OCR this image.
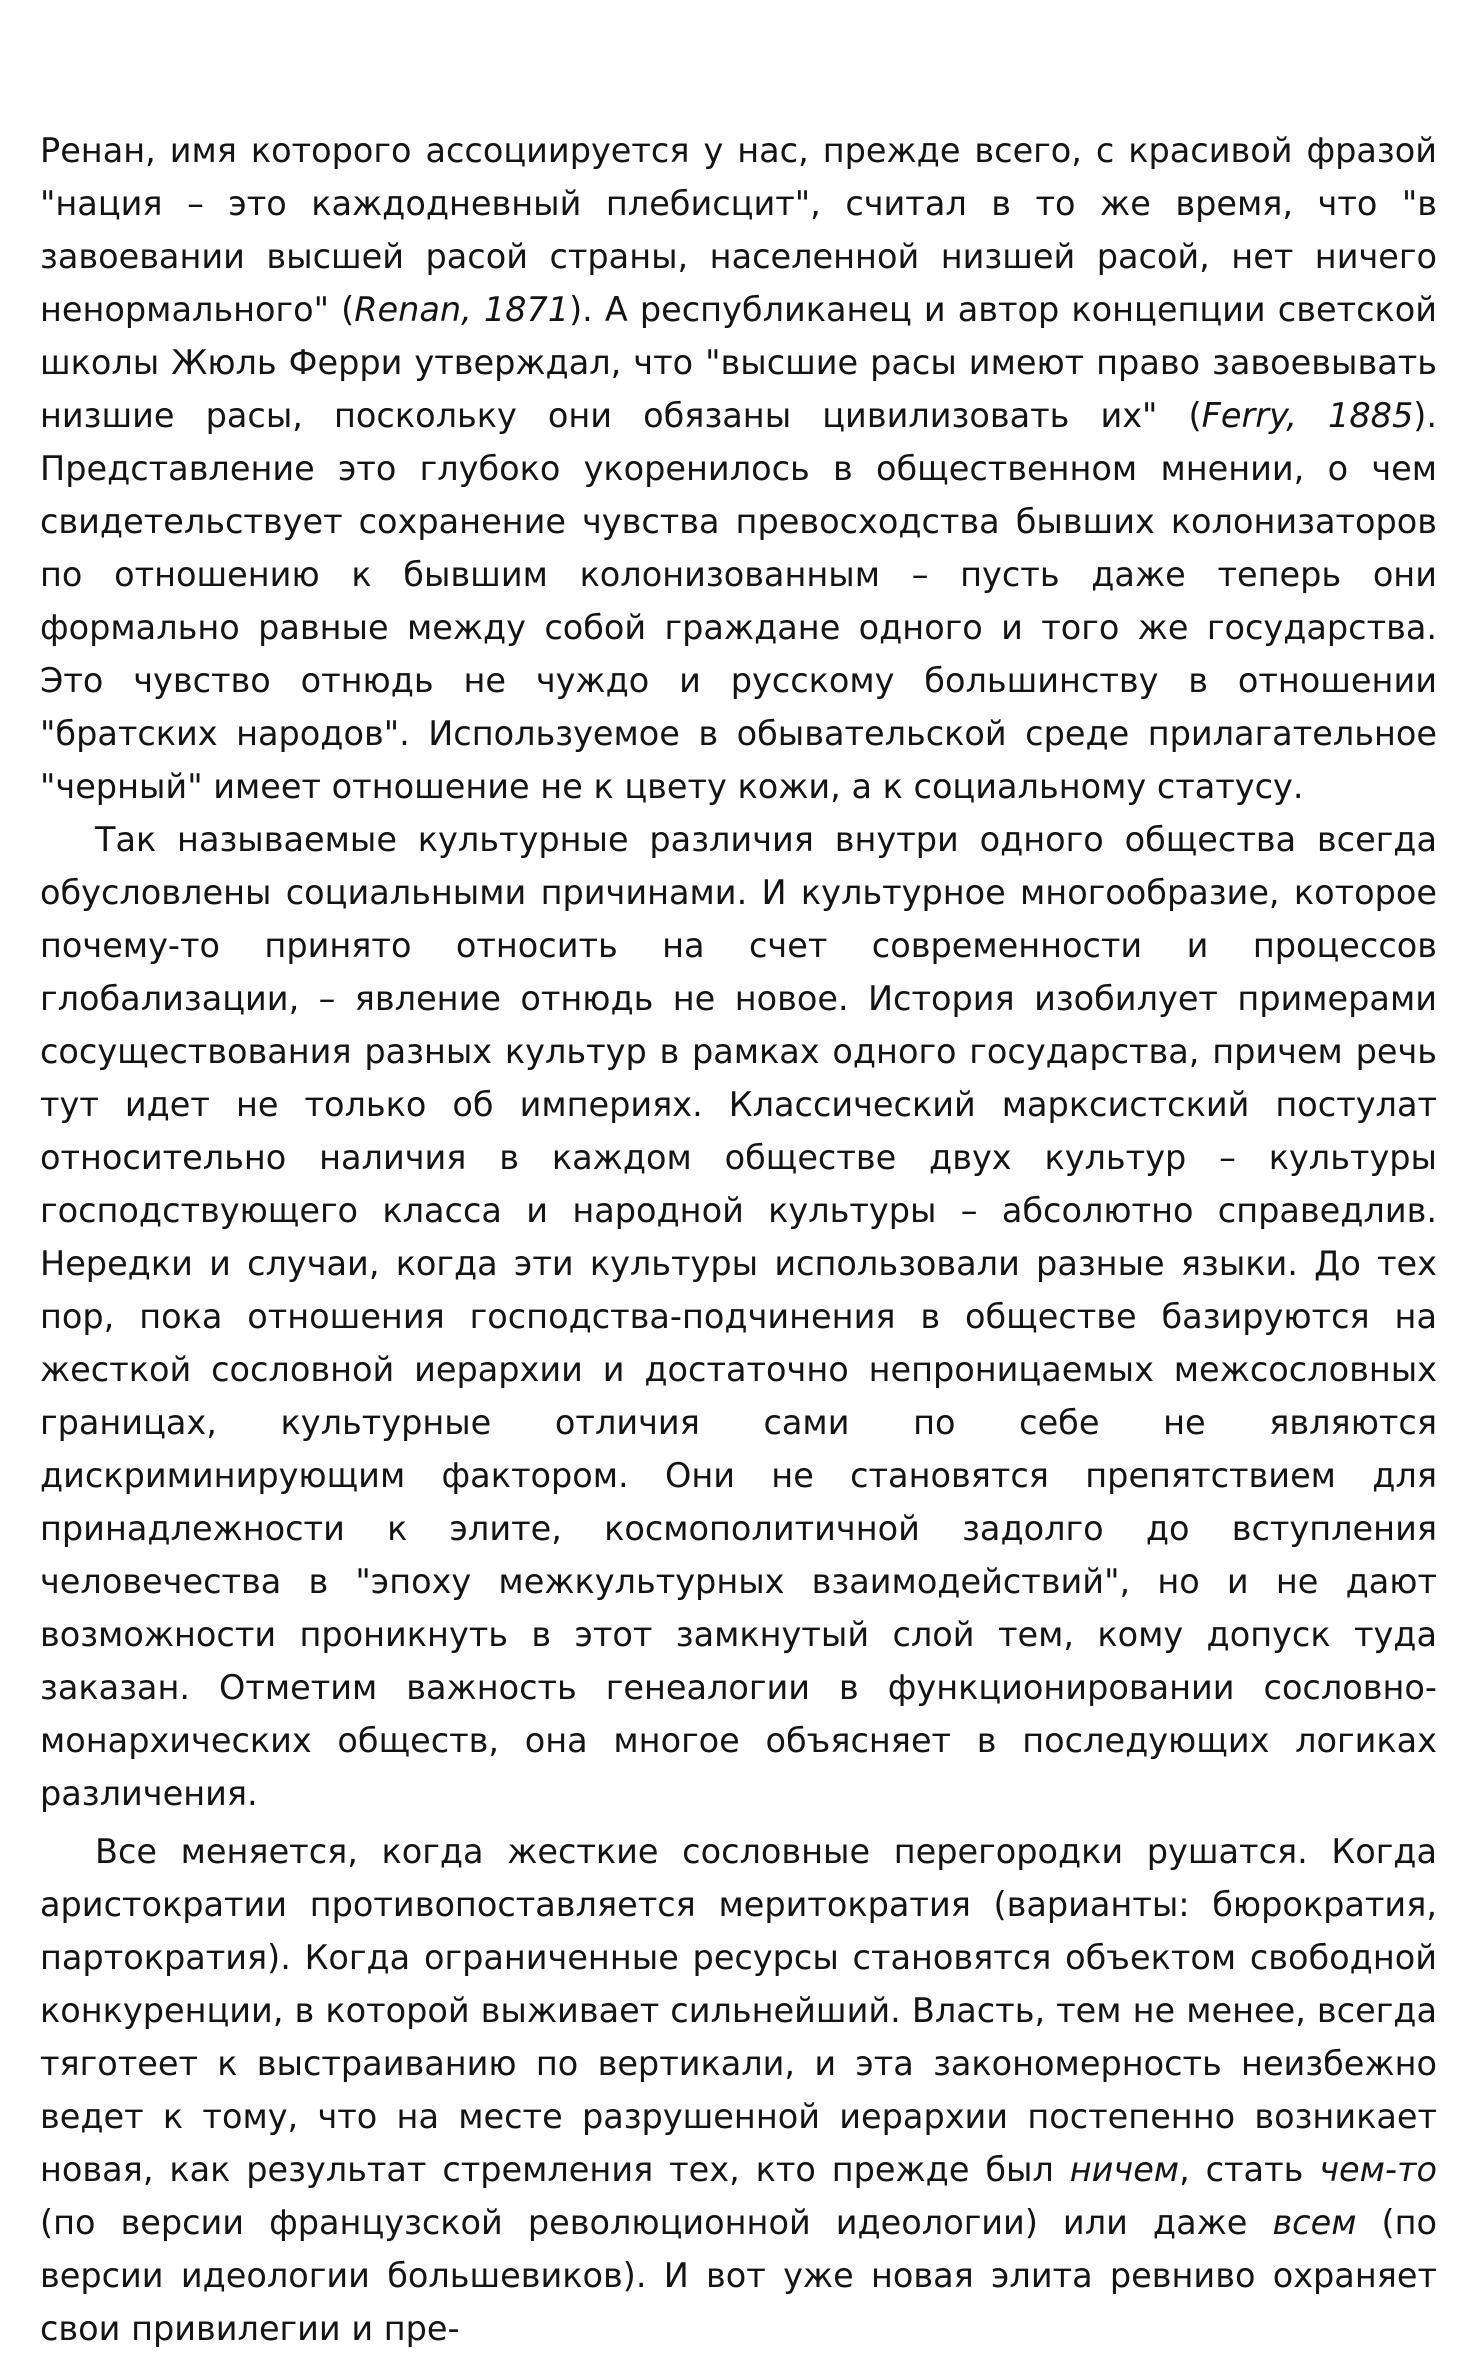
Ренан, имя которого ассоциируется у нас, прежде всего, с красивой фразой "нация – это каждодневный плебисцит", считал в то же время, что "в завоевании высшей расой страны, населенной низшей расой, нет ничего ненормального" (Renan, 1871). А республиканец и автор концепции светской школы Жюль Ферри утверждал, что "высшие расы имеют право завоевывать низшие расы, поскольку они обязаны цивилизовать их" (Ferry, 1885). Представление это глубоко укоренилось в общественном мнении, о чем свидетельствует сохранение чувства превосходства бывших колонизаторов по отношению к бывшим колонизованным – пусть даже теперь они формально равные между собой граждане одного и того же государства. Это чувство отнюдь не чуждо и русскому большинству в отношении "братских народов". Используемое в обывательской среде прилагательное "черный" имеет отношение не к цвету кожи, а к социальному статусу.

Так называемые культурные различия внутри одного общества всегда обусловлены социальными причинами. И культурное многообразие, которое почему-то принято относить на счет современности и процессов глобализации, – явление отнюдь не новое. История изобилует примерами сосуществования разных культур в рамках одного государства, причем речь тут идет не только об империях. Классический марксистский постулат относительно наличия в каждом обществе двух культур – культуры господствующего класса и народной культуры – абсолютно справедлив. Нередки и случаи, когда эти культуры использовали разные языки. До тех пор, пока отношения господства-подчинения в обществе базируются на жесткой сословной иерархии и достаточно непроницаемых межсословных границах, культурные отличия сами по себе не являются дискриминирующим фактором. Они не становятся препятствием для принадлежности к элите, космополитичной задолго до вступления человечества в "эпоху межкультурных взаимодействий", но и не дают возможности проникнуть в этот замкнутый слой тем, кому допуск туда заказан. Отметим важность генеалогии в функционировании сословно-монархических обществ, она многое объясняет в последующих логиках различения.

Все меняется, когда жесткие сословные перегородки рушатся. Когда аристократии противопоставляется меритократия (варианты: бюрократия, партократия). Когда ограниченные ресурсы становятся объектом свободной конкуренции, в которой выживает сильнейший. Власть, тем не менее, всегда тяготеет к выстраиванию по вертикали, и эта закономерность неизбежно ведет к тому, что на месте разрушенной иерархии постепенно возникает новая, как результат стремления тех, кто прежде был ничем, стать чем-то (по версии французской революционной идеологии) или даже всем (по версии идеологии большевиков). И вот уже новая элита ревниво охраняет свои привилегии и пре-
